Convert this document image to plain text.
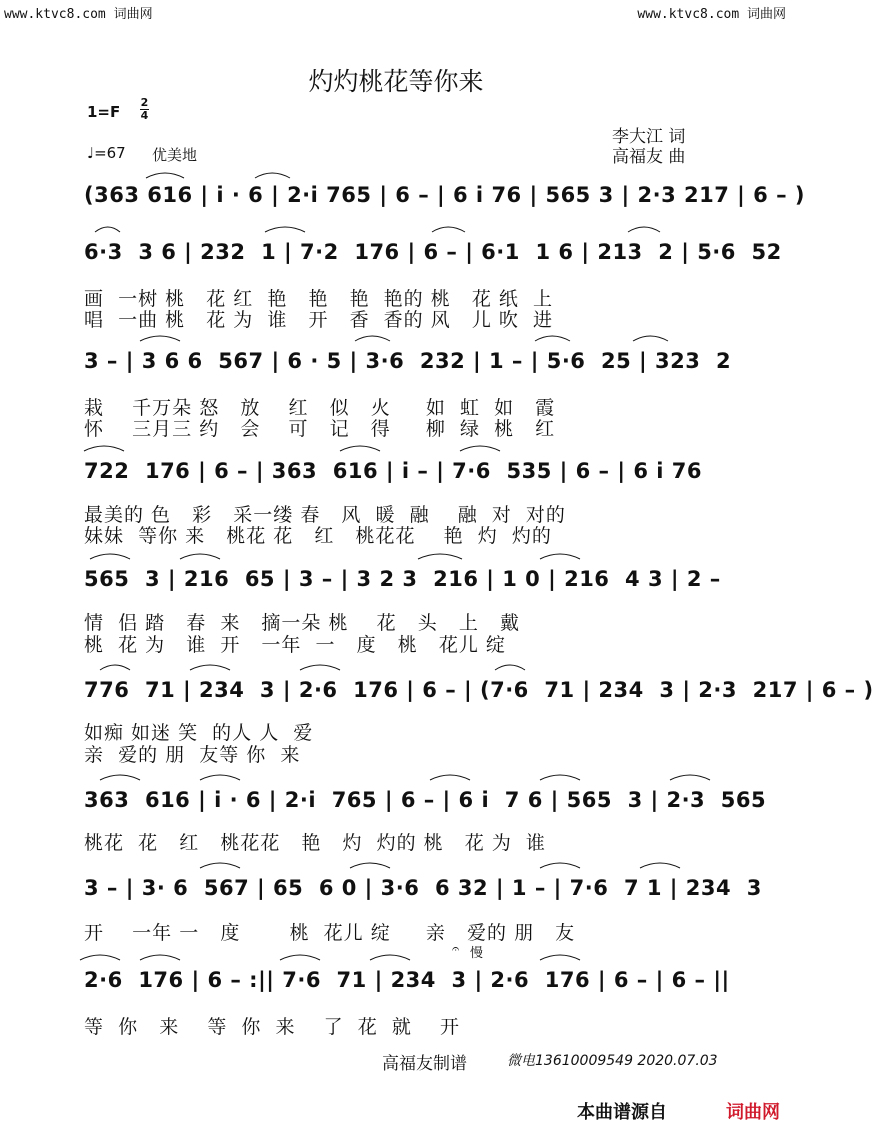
www.ktvc8.com 词曲网	www.ktvc8.com 词曲网
灼灼桃花等你来
1=F
2
4
♩=67 优美地
李大江 词
高福友 曲
(363 616 | i · 6 | 2·i 765 | 6 – | 6 i 76 | 565 3 | 2·3 217 | 6 – )
6·3  3 6 | 232  1 | 7·2  176 | 6 – | 6·1  1 6 | 213  2 | 5·6  52
画  一树 桃   花 红  艳   艳   艳  艳的 桃   花 纸  上
唱  一曲 桃   花 为  谁   开   香  香的 风   儿 吹  进
3 – | 3 6 6  567 | 6 · 5 | 3·6  232 | 1 – | 5·6  25 | 323  2
栽    千万朵 怒   放    红   似   火     如  虹  如   霞
怀    三月三 约   会    可   记   得     柳  绿  桃   红
722  176 | 6 – | 363  616 | i – | 7·6  535 | 6 – | 6 i 76
最美的 色   彩   采一缕 春   风  暖  融    融  对  对的
妹妹  等你 来   桃花 花   红   桃花花    艳  灼  灼的
565  3 | 216  65 | 3 – | 3 2 3  216 | 1 0 | 216  4 3 | 2 –
情  侣 踏   春  来   摘一朵 桃    花   头   上   戴
桃  花 为   谁  开   一年  一   度   桃   花儿 绽
776  71 | 234  3 | 2·6  176 | 6 – | (7·6  71 | 234  3 | 2·3  217 | 6 – )
如痴 如迷 笑  的人 人  爱
亲  爱的 朋  友等 你  来
363  616 | i · 6 | 2·i  765 | 6 – | 6 i  7 6 | 565  3 | 2·3  565
桃花  花   红   桃花花   艳   灼  灼的 桃   花 为  谁
3 – | 3· 6  567 | 65  6 0 | 3·6  6 32 | 1 – | 7·6  7 1 | 234  3
开    一年 一   度       桃  花儿 绽     亲   爱的 朋   友
𝄐 慢
2·6  176 | 6 – :|| 7·6  71 | 234  3 | 2·6  176 | 6 – | 6 – ||
等  你   来    等  你  来    了  花  就    开
高福友制谱	微电13610009549 2020.07.03
本曲谱源自	词曲网
